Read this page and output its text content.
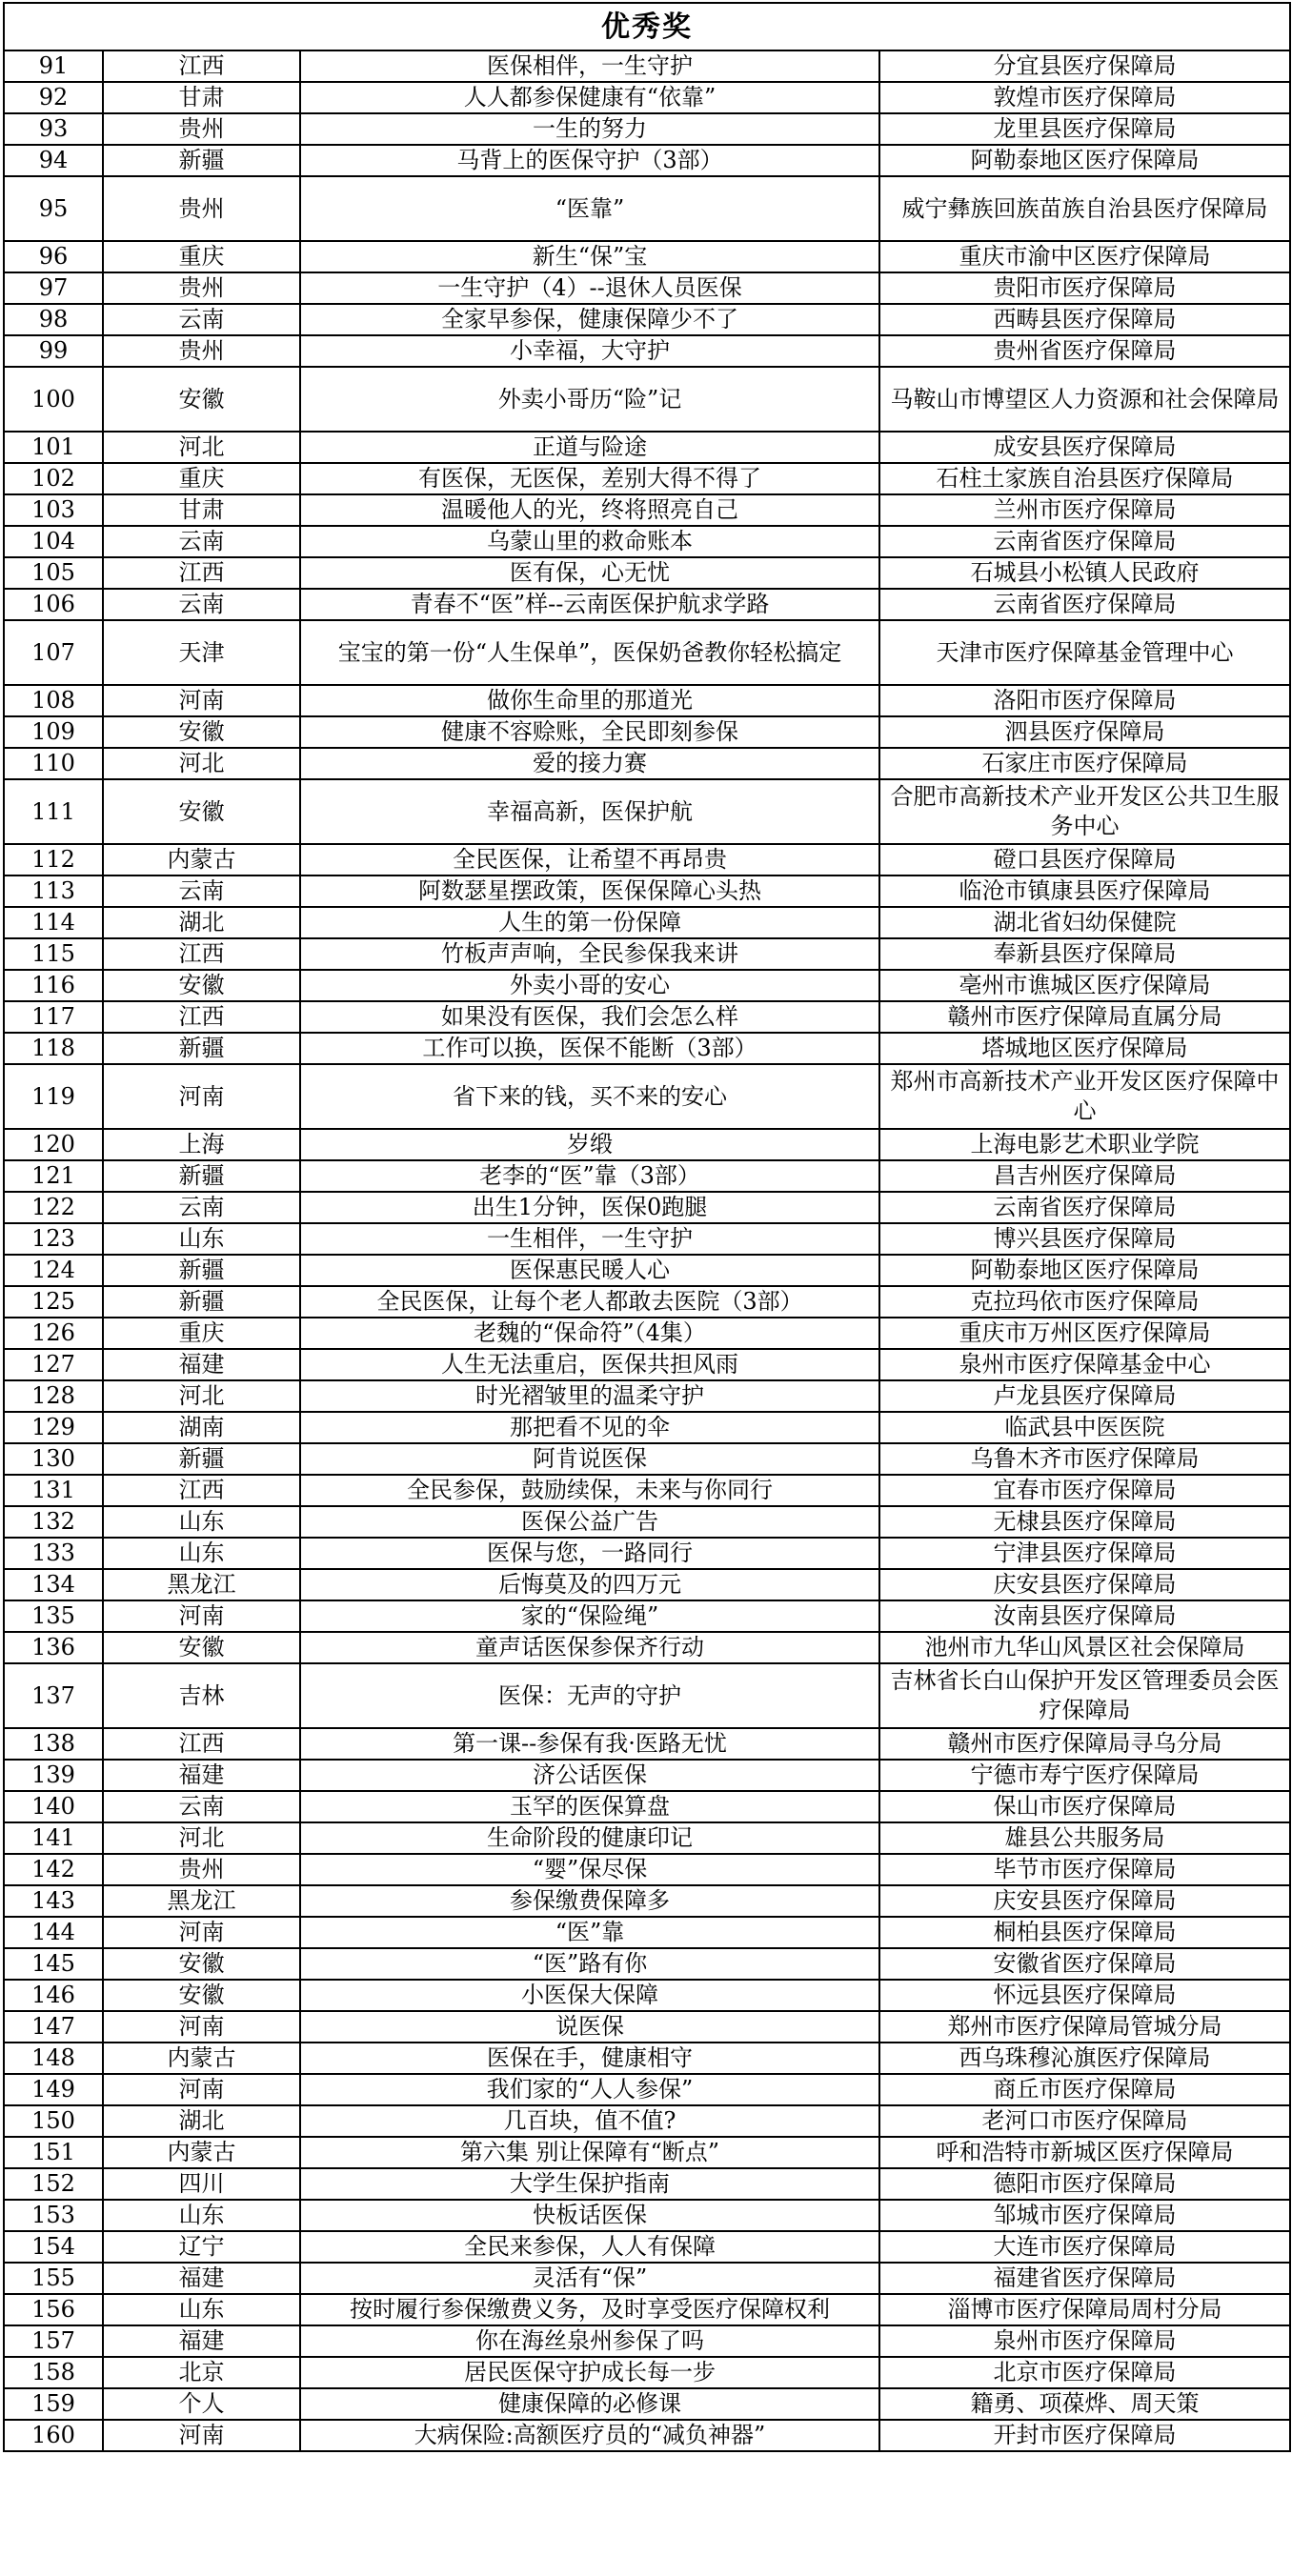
优秀奖			
91	江西	医保相伴，一生守护	分宜县医疗保障局
92	甘肃	人人都参保健康有“依靠”	敦煌市医疗保障局
93	贵州	一生的努力	龙里县医疗保障局
94	新疆	马背上的医保守护（3部）	阿勒泰地区医疗保障局
95	贵州	“医靠”	威宁彝族回族苗族自治县医疗保障局
96	重庆	新生“保”宝	重庆市渝中区医疗保障局
97	贵州	一生守护（4）--退休人员医保	贵阳市医疗保障局
98	云南	全家早参保，健康保障少不了	西畴县医疗保障局
99	贵州	小幸福，大守护	贵州省医疗保障局
100	安徽	外卖小哥历“险”记	马鞍山市博望区人力资源和社会保障局
101	河北	正道与险途	成安县医疗保障局
102	重庆	有医保，无医保，差别大得不得了	石柱土家族自治县医疗保障局
103	甘肃	温暖他人的光，终将照亮自己	兰州市医疗保障局
104	云南	乌蒙山里的救命账本	云南省医疗保障局
105	江西	医有保，心无忧	石城县小松镇人民政府
106	云南	青春不“医”样--云南医保护航求学路	云南省医疗保障局
107	天津	宝宝的第一份“人生保单”，医保奶爸教你轻松搞定	天津市医疗保障基金管理中心
108	河南	做你生命里的那道光	洛阳市医疗保障局
109	安徽	健康不容赊账，全民即刻参保	泗县医疗保障局
110	河北	爱的接力赛	石家庄市医疗保障局
111	安徽	幸福高新，医保护航	合肥市高新技术产业开发区公共卫生服务中心
112	内蒙古	全民医保，让希望不再昂贵	磴口县医疗保障局
113	云南	阿数瑟星摆政策，医保保障心头热	临沧市镇康县医疗保障局
114	湖北	人生的第一份保障	湖北省妇幼保健院
115	江西	竹板声声响，全民参保我来讲	奉新县医疗保障局
116	安徽	外卖小哥的安心	亳州市谯城区医疗保障局
117	江西	如果没有医保，我们会怎么样	赣州市医疗保障局直属分局
118	新疆	工作可以换，医保不能断（3部）	塔城地区医疗保障局
119	河南	省下来的钱，买不来的安心	郑州市高新技术产业开发区医疗保障中心
120	上海	岁缎	上海电影艺术职业学院
121	新疆	老李的“医”靠（3部）	昌吉州医疗保障局
122	云南	出生1分钟，医保0跑腿	云南省医疗保障局
123	山东	一生相伴，一生守护	博兴县医疗保障局
124	新疆	医保惠民暖人心	阿勒泰地区医疗保障局
125	新疆	全民医保，让每个老人都敢去医院（3部）	克拉玛依市医疗保障局
126	重庆	老魏的“保命符”（4集）	重庆市万州区医疗保障局
127	福建	人生无法重启，医保共担风雨	泉州市医疗保障基金中心
128	河北	时光褶皱里的温柔守护	卢龙县医疗保障局
129	湖南	那把看不见的伞	临武县中医医院
130	新疆	阿肯说医保	乌鲁木齐市医疗保障局
131	江西	全民参保，鼓励续保，未来与你同行	宜春市医疗保障局
132	山东	医保公益广告	无棣县医疗保障局
133	山东	医保与您，一路同行	宁津县医疗保障局
134	黑龙江	后悔莫及的四万元	庆安县医疗保障局
135	河南	家的“保险绳”	汝南县医疗保障局
136	安徽	童声话医保参保齐行动	池州市九华山风景区社会保障局
137	吉林	医保：无声的守护	吉林省长白山保护开发区管理委员会医疗保障局
138	江西	第一课--参保有我·医路无忧	赣州市医疗保障局寻乌分局
139	福建	济公话医保	宁德市寿宁医疗保障局
140	云南	玉罕的医保算盘	保山市医疗保障局
141	河北	生命阶段的健康印记	雄县公共服务局
142	贵州	“婴”保尽保	毕节市医疗保障局
143	黑龙江	参保缴费保障多	庆安县医疗保障局
144	河南	“医”靠	桐柏县医疗保障局
145	安徽	“医”路有你	安徽省医疗保障局
146	安徽	小医保大保障	怀远县医疗保障局
147	河南	说医保	郑州市医疗保障局管城分局
148	内蒙古	医保在手，健康相守	西乌珠穆沁旗医疗保障局
149	河南	我们家的“人人参保”	商丘市医疗保障局
150	湖北	几百块，值不值?	老河口市医疗保障局
151	内蒙古	第六集 别让保障有“断点”	呼和浩特市新城区医疗保障局
152	四川	大学生保护指南	德阳市医疗保障局
153	山东	快板话医保	邹城市医疗保障局
154	辽宁	全民来参保，人人有保障	大连市医疗保障局
155	福建	灵活有“保”	福建省医疗保障局
156	山东	按时履行参保缴费义务，及时享受医疗保障权利	淄博市医疗保障局周村分局
157	福建	你在海丝泉州参保了吗	泉州市医疗保障局
158	北京	居民医保守护成长每一步	北京市医疗保障局
159	个人	健康保障的必修课	籍勇、项葆烨、周天策
160	河南	大病保险:高额医疗员的“减负神器”	开封市医疗保障局
